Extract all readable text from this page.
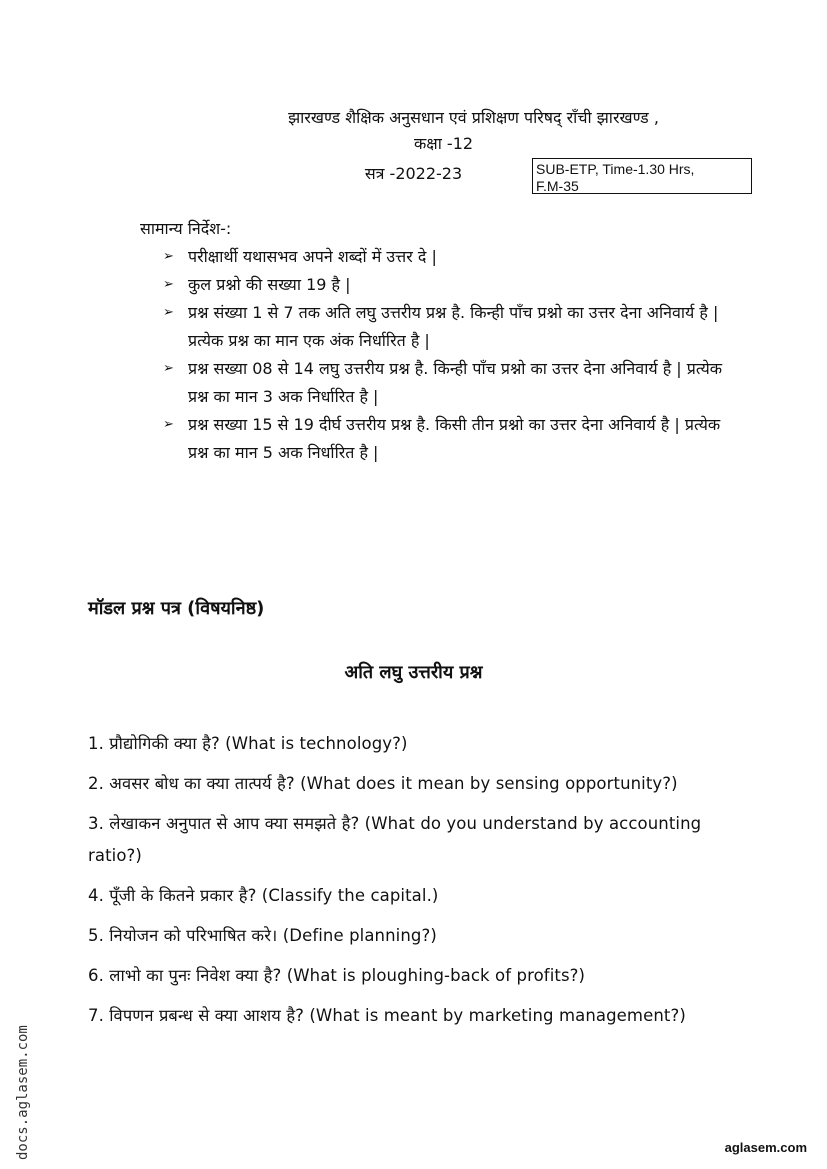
झारखण्ड शैक्षिक अनुसधान एवं प्रशिक्षण परिषद् राँची झारखण्ड ,
कक्षा -12
सत्र -2022-23	SUB-ETP, Time-1.30 Hrs,
F.M-35
सामान्य निर्देश-:
➢ परीक्षार्थी यथासभव अपने शब्दों में उत्तर दे |
➢ कुल प्रश्नो की सख्या 19 है |
➢ प्रश्न संख्या 1 से 7 तक अति लघु उत्तरीय प्रश्न है. किन्ही पाँच प्रश्नो का उत्तर देना अनिवार्य है | प्रत्येक प्रश्न का मान एक अंक निर्धारित है |
➢ प्रश्न सख्या 08 से 14 लघु उत्तरीय प्रश्न है. किन्ही पाँच प्रश्नो का उत्तर देना अनिवार्य है | प्रत्येक प्रश्न का मान 3 अक निर्धारित है |
➢ प्रश्न सख्या 15 से 19 दीर्घ उत्तरीय प्रश्न है. किसी तीन प्रश्नो का उत्तर देना अनिवार्य है | प्रत्येक प्रश्न का मान 5 अक निर्धारित है |
मॉडल प्रश्न पत्र (विषयनिष्ठ)
अति लघु उत्तरीय प्रश्न
1. प्रौद्योगिकी क्या है? (What is technology?)
2. अवसर बोध का क्या तात्पर्य है? (What does it mean by sensing opportunity?)
3. लेखाकन अनुपात से आप क्या समझते है? (What do you understand by accounting ratio?)
4. पूँजी के कितने प्रकार है? (Classify the capital.)
5. नियोजन को परिभाषित करे। (Define planning?)
6. लाभो का पुनः निवेश क्या है? (What is ploughing-back of profits?)
7. विपणन प्रबन्ध से क्या आशय है? (What is meant by marketing management?)
docs.aglasem.com	aglasem.com
